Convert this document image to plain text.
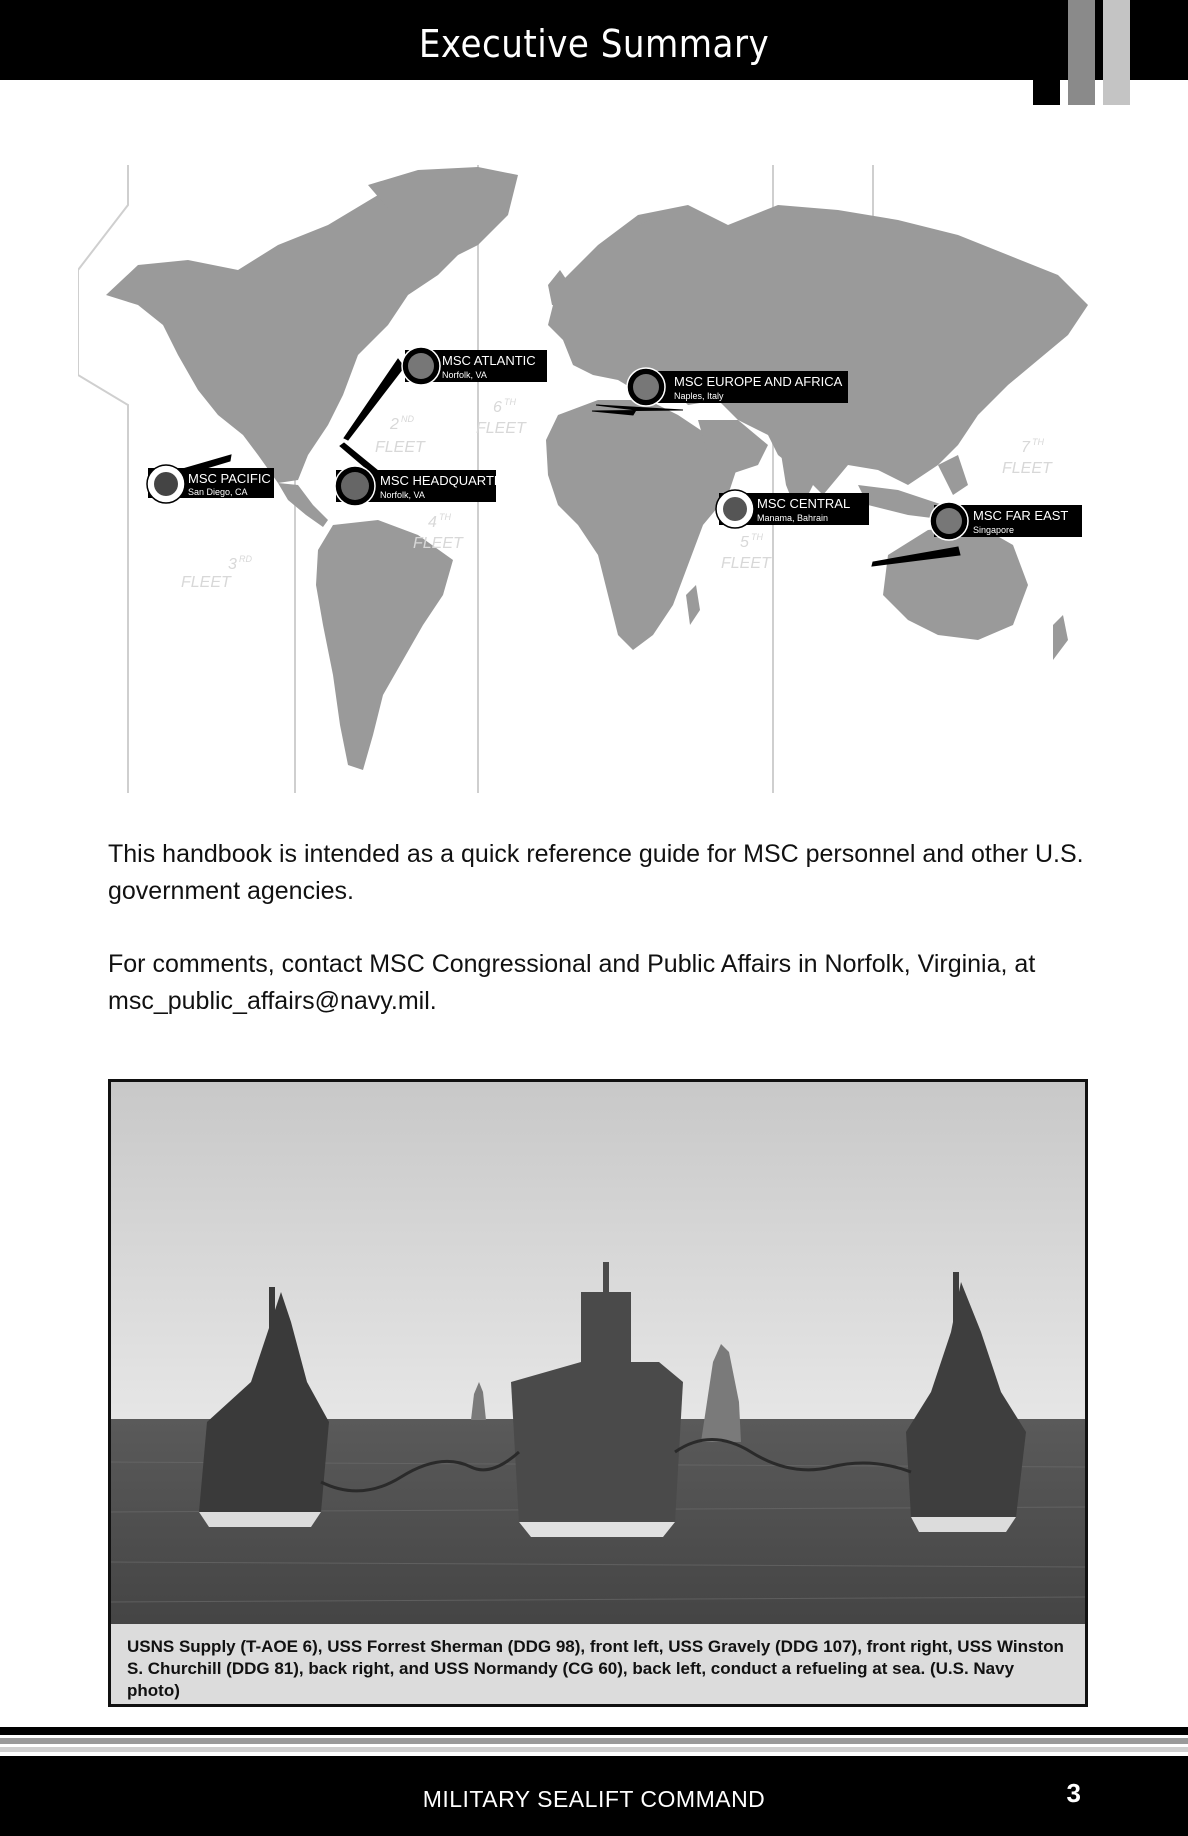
Executive Summary
2 ND
FLEET
3 RD
FLEET
4 TH
FLEET	5 TH
FLEET
6 TH
FLEET
7 TH
FLEET
MSC ATLANTIC
Norfolk, VA	MSC EUROPE AND AFRICA
Naples, Italy
MSC PACIFIC
San Diego, CA
MSC HEADQUARTERS
Norfolk, VA
MSC CENTRAL
Manama, Bahrain	MSC FAR EAST
Singapore
This handbook is intended as a quick reference guide for MSC personnel and other U.S. government agencies.
For comments, contact MSC Congressional and Public Affairs in Norfolk, Virginia, at msc_public_affairs@navy.mil.
USNS Supply (T-AOE 6), USS Forrest Sherman (DDG 98), front left, USS Gravely (DDG 107), front right, USS Winston S. Churchill (DDG 81), back right, and USS Normandy (CG 60), back left, conduct a refueling at sea. (U.S. Navy photo)
MILITARY SEALIFT COMMAND	3
